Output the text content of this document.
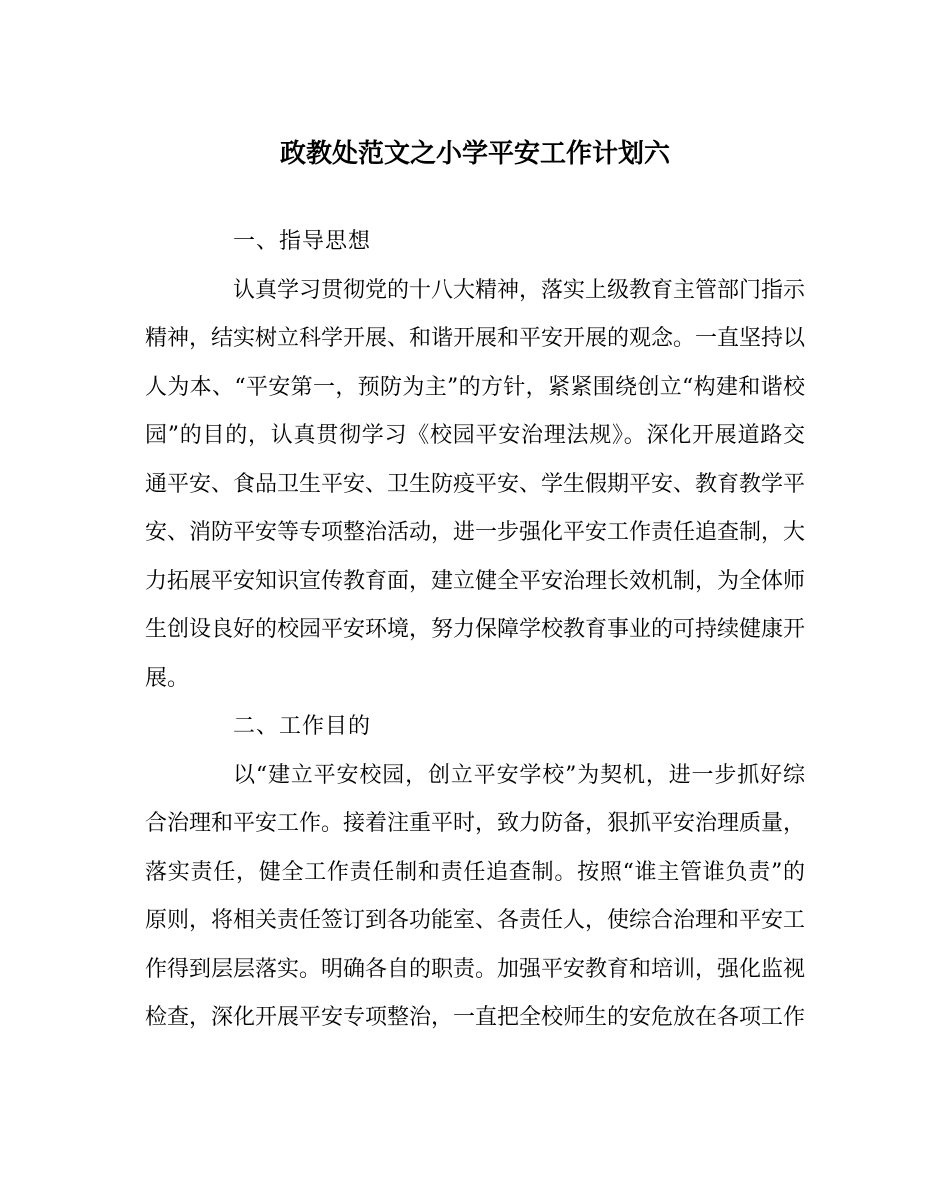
政教处范文之小学平安工作计划六

一、指导思想

认真学习贯彻党的十八大精神，落实上级教育主管部门指示精神，结实树立科学开展、和谐开展和平安开展的观念。一直坚持以人为本、“平安第一，预防为主”的方针，紧紧围绕创立“构建和谐校园”的目的，认真贯彻学习《校园平安治理法规》。深化开展道路交通平安、食品卫生平安、卫生防疫平安、学生假期平安、教育教学平安、消防平安等专项整治活动，进一步强化平安工作责任追查制，大力拓展平安知识宣传教育面，建立健全平安治理长效机制，为全体师生创设良好的校园平安环境，努力保障学校教育事业的可持续健康开展。

二、工作目的

以“建立平安校园，创立平安学校”为契机，进一步抓好综合治理和平安工作。接着注重平时，致力防备，狠抓平安治理质量，落实责任，健全工作责任制和责任追查制。按照“谁主管谁负责”的原则，将相关责任签订到各功能室、各责任人，使综合治理和平安工作得到层层落实。明确各自的职责。加强平安教育和培训，强化监视检查，深化开展平安专项整治，一直把全校师生的安危放在各项工作
